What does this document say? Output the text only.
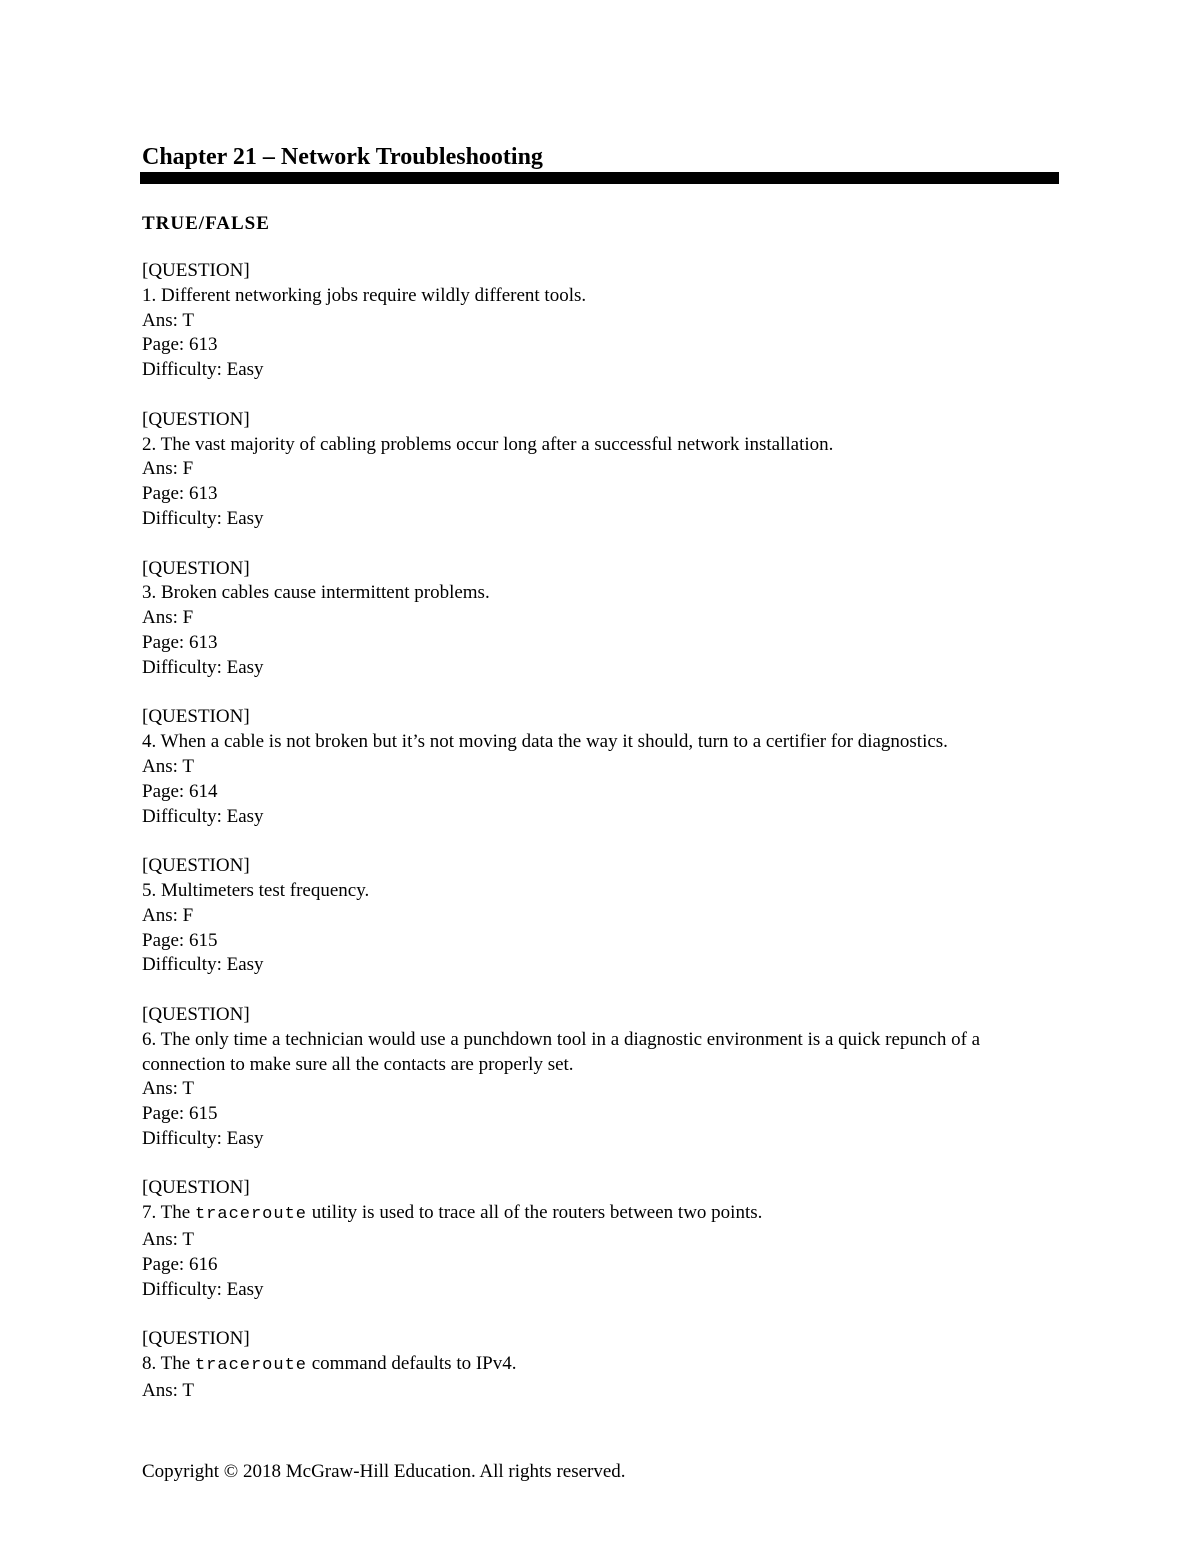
Chapter 21 – Network Troubleshooting
TRUE/FALSE
[QUESTION]
1. Different networking jobs require wildly different tools.
Ans: T
Page: 613
Difficulty: Easy
[QUESTION]
2. The vast majority of cabling problems occur long after a successful network installation.
Ans: F
Page: 613
Difficulty: Easy
[QUESTION]
3. Broken cables cause intermittent problems.
Ans: F
Page: 613
Difficulty: Easy
[QUESTION]
4. When a cable is not broken but it’s not moving data the way it should, turn to a certifier for diagnostics.
Ans: T
Page: 614
Difficulty: Easy
[QUESTION]
5. Multimeters test frequency.
Ans: F
Page: 615
Difficulty: Easy
[QUESTION]
6. The only time a technician would use a punchdown tool in a diagnostic environment is a quick repunch of a connection to make sure all the contacts are properly set.
Ans: T
Page: 615
Difficulty: Easy
[QUESTION]
7. The traceroute utility is used to trace all of the routers between two points.
Ans: T
Page: 616
Difficulty: Easy
[QUESTION]
8. The traceroute command defaults to IPv4.
Ans: T
Copyright © 2018 McGraw-Hill Education. All rights reserved.
